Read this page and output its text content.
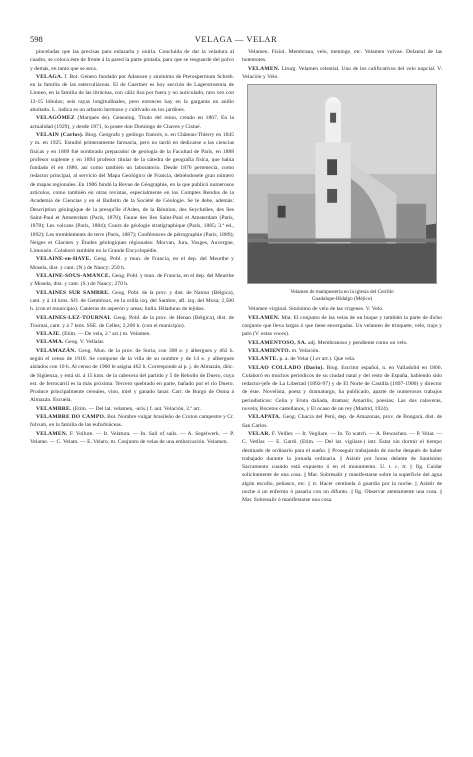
598	VELAGA — VELAR

pinceladas que las precisas para enlazarla y unirla. Concluida de dar la veladura al cuadro, se coloca éste de frente á la pared la parte pintada, para que se resguarde del polvo y demás, en tanto que se seca.

VELAGA. f. Bot. Género fundado por Adanson y sinónimo de Pterospermum Schreb. en la familia de las esterculiáceas. El de Gaertner es hoy sección de Lagerstroemia de Linneo, en la familia de las litráceas, con cáliz liso por fuera y no auriculado, raro vez con 12-15 lóbulos; seis rayas longitudinales, pero entonces hay en la garganta un anillo abultado. L. indica es un arbusto hermoso y cultivado en los jardines.

VELAGÓMEZ (Marqués de). Genealog. Título del reino, creado en 1867. En la actualidad (1929), y desde 1871, lo posee don Domingo de Chaves y Cistué.

VELAIN (Carlos). Biog. Geógrafo y geólogo francés, n. en Château-Thierry en 1845 y m. en 1925. Estudió primeramente farmacia, pero no tardó en dedicarse a las ciencias físicas y en 1869 fué nombrado preparador de geología de la Facultad de París, en 1888 profesor suplente y en 1894 profesor titular de la cátedra de geografía física, que había fundado él en 1886, así como también un laboratorio. Desde 1876 pertenecía, como redactor principal, al servicio del Mapa Geológico de Francia, debiéndosele gran número de mapas regionales. En 1906 fundó la Revue de Géographie, en la que publicó numerosos artículos, como también en otras revistas, especialmente en los Comptes Rendus de la Academia de Ciencias y en el Bulletin de la Société de Géologie. Se le debe, además: Description géologique de la presqu'île d'Aden, de la Réunion, des Seychelles, des îles Saint-Paul et Amsterdam (París, 1878); Faune des îles Saint-Paul et Amsterdam (París, 1878); Les volcans (París, 1884); Cours de géologie stratigraphique (París, 1885; 3.ª ed., 1892); Les tremblements de terre (París, 1887); Conférences de pétrographie (París, 1889); Neiges et Glaciers y Études géologiques régionales: Morvan, Jura, Vosges, Auvergne, Limousin. Colaboró también en la Grande Encyclopédie.

VELAINE-en-HAYE. Geog. Pobl. y mun. de Francia, en el dep. del Meurthe y Mosela, dist. y cant. (N.) de Nancy; 250 h.

VELAINE-SOUS-AMANCE. Geog. Pobl. y mun. de Francia, en el dep. del Meurthe y Mosela, dist. y cant. (S.) de Nancy; 270 h.

VELAINES SUR SAMBRE. Geog. Pobl. de la prov. y dist. de Namur (Bélgica), cant. y á 14 kms. SO. de Gembloux, en la orilla izq. del Sambre, afl. izq. del Mosa; 2,500 h. (con el municipio). Canteras de asperón y areas; hulla. Hiladuras de tejidos.

VELAINES-LEZ-TOURNAI. Geog. Pobl. de la prov. de Henao (Bélgica), dist. de Tournai, cant. y á 7 kms. SSE. de Celles; 2,200 h. (con el municipio).

VELAJE. (Etim. — De vela, 2.º art.) m. Velamen.

VELAMA. Geog. V. Vellalar.

VELAMAZÁN. Geog. Mun. de la prov. de Soria, con 308 e. y albergues y 462 h. según el censo de 1910. Se compone de la villa de su nombre y de 14 e. y albergues aislados con 10 h. Al censo de 1900 le asigna 462 h. Corresponde al p. j. de Almazán, dióc. de Sigüenza, y está sit. á 15 kms. de la cabecera del partido y 5 de Rebollo de Duero, cuya est. de ferrocarril es la más próxima. Tercero quebrado en parte, bañado por el río Duero. Produce principalmente cereales, vino, miel y ganado lanar. Carr. de Burgo de Osma á Almazán. Escuela.

VELAMBRE. (Etim. — Del lat. velamen, -aris.) f. ant. Velación, 2.º art.

VELAMBRE DO CAMPO. Bot. Nombre vulgar brasileño de Croton campestre y Cr. fulvum, en la familia de las euforbiáceas.

VELAMEN. F. Voilure. — It. Velatura. — In. Sail of sails. — A. Segelwerk. — P. Velame. — C. Velam. — E. Velaro. m. Conjunto de velas de una embarcación. Velamen.

Velamen. Fisiol. Membrana, velo, meninge, etc. Velamen vulvae. Delantal de las hotentotes.

VELAMEN. Liturg. Velamen celestial. Uno de los calificativos del velo nupcial. V. Velación y Velo.

Velamen de mampostería en la iglesia del Cerrillo
Guadalupe-Hidalgo (Méjico)

Velamen virginal. Sinónimo de velo de las vírgenes. V. Velo.

VELAMEN. Mar. El conjunto de las velas de un buque y también la parte de dicho conjunto que lleva largas ó que tiene envergadas. Un velamen de trinquete, velo, trajo y palo (V. estas voces).

VELAMENTOSO, SA. adj. Membranoso y pendiente como un velo.

VELAMIENTO. m. Velación.

VELANTE. p. a. de Velar (1.er art.). Que vela.

VELAO COLLADO (Darío). Biog. Escritor español, n. en Valladolid en 1866. Colaboró en muchos periódicos de su ciudad natal y del resto de España, habiendo sido redactor-jefe de La Libertad (1892-97) y de El Norte de Castilla (1897-1900) y director de éste. Novelista, poeta y dramaturgo, ha publicado, aparte de numerosos trabajos periodísticos: Celia y Fruta dañada, dramas; Amarilis, poesías; Las dos calaveras, novela; Bocetos castellanos, y El ocaso de un rey (Madrid, 1924).

VELAPATA. Geog. Chacra del Perú, dep. de Amazonas, prov. de Bongará, dist. de San Carlos.

VELAR. F. Veiller. — It. Vegliare. — In. To watch. — A. Bewachen. — P. Velar. — C. Vetllar. — E. Gardi. (Etim. — Del lat. vigilare.) intr. Estar sin dormir el tiempo destinado de ordinario para el sueño. || Proseguir trabajando de noche después de haber trabajado durante la jornada ordinaria. || Asistir por horas delante de Santísimo Sacramento cuando está expuesto ó en el monumento. U. t. c. tr. || fig. Cuidar solícitamente de una cosa. || Mar. Sobresalir y manifestarse sobre la superficie del agua algún escollo, peñasco, etc. || tr. Hacer centinela ó guardia por la noche. || Asistir de noche á un enfermo ó pasarla con un difunto. || fig. Observar atentamente una cosa. || Mar. Sobresalir ó manifestarse una cosa.
